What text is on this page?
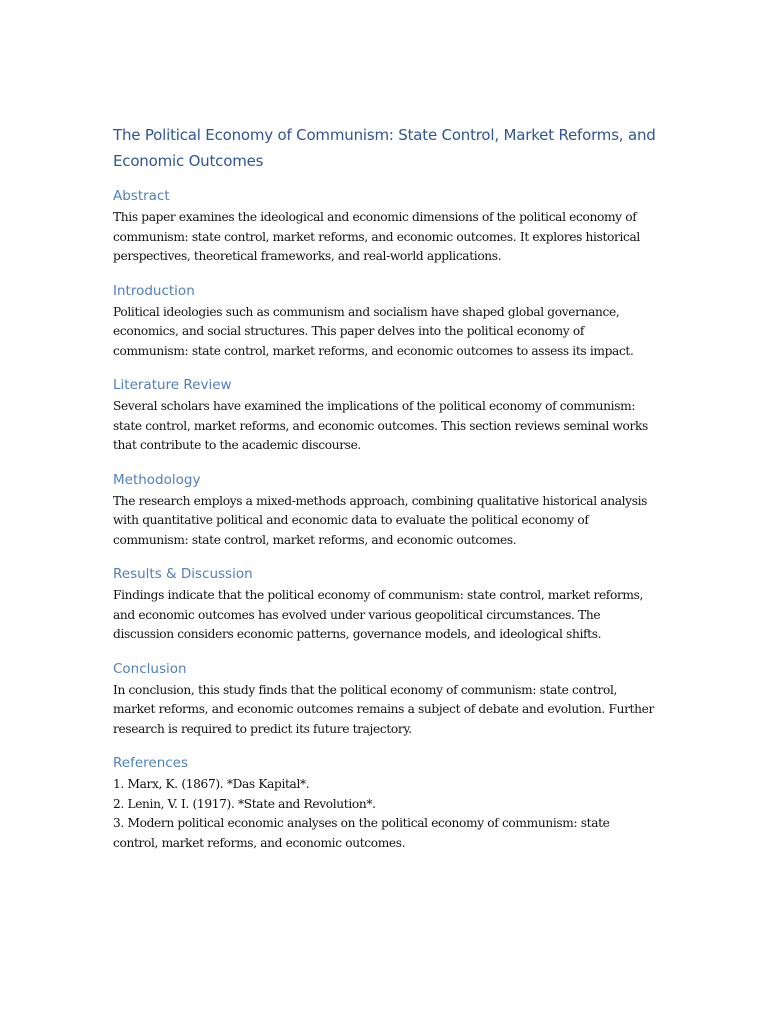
The Political Economy of Communism: State Control, Market Reforms, and Economic Outcomes
Abstract

This paper examines the ideological and economic dimensions of the political economy of communism: state control, market reforms, and economic outcomes. It explores historical perspectives, theoretical frameworks, and real-world applications.

Introduction

Political ideologies such as communism and socialism have shaped global governance, economics, and social structures. This paper delves into the political economy of communism: state control, market reforms, and economic outcomes to assess its impact.

Literature Review

Several scholars have examined the implications of the political economy of communism: state control, market reforms, and economic outcomes. This section reviews seminal works that contribute to the academic discourse.

Methodology

The research employs a mixed-methods approach, combining qualitative historical analysis with quantitative political and economic data to evaluate the political economy of communism: state control, market reforms, and economic outcomes.

Results & Discussion

Findings indicate that the political economy of communism: state control, market reforms, and economic outcomes has evolved under various geopolitical circumstances. The discussion considers economic patterns, governance models, and ideological shifts.

Conclusion

In conclusion, this study finds that the political economy of communism: state control, market reforms, and economic outcomes remains a subject of debate and evolution. Further research is required to predict its future trajectory.

References
1. Marx, K. (1867). *Das Kapital*.
2. Lenin, V. I. (1917). *State and Revolution*.
3. Modern political economic analyses on the political economy of communism: state control, market reforms, and economic outcomes.
